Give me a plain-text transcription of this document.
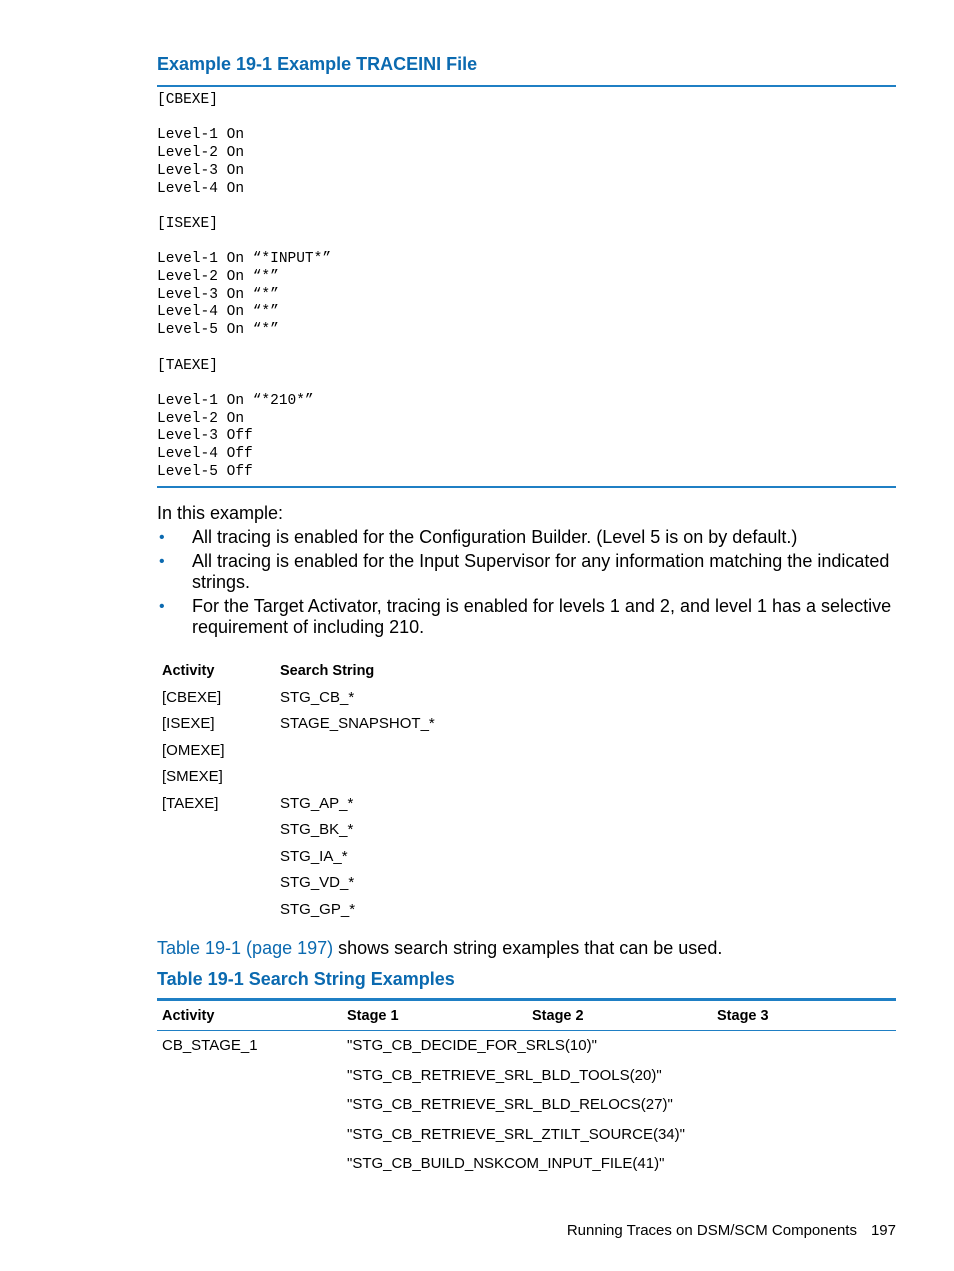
Example 19-1 Example TRACEINI File
[CBEXE]

Level-1 On
Level-2 On
Level-3 On
Level-4 On

[ISEXE]

Level-1 On “*INPUT*”
Level-2 On “*”
Level-3 On “*”
Level-4 On “*”
Level-5 On “*”

[TAEXE]

Level-1 On “*210*”
Level-2 On
Level-3 Off
Level-4 Off
Level-5 Off
In this example:
• All tracing is enabled for the Configuration Builder. (Level 5 is on by default.)
• All tracing is enabled for the Input Supervisor for any information matching the indicated strings.
• For the Target Activator, tracing is enabled for levels 1 and 2, and level 1 has a selective requirement of including 210.
Activity	Search String
[CBEXE]	STG_CB_*
[ISEXE]	STAGE_SNAPSHOT_*
[OMEXE]	
[SMEXE]	
[TAEXE]	STG_AP_*
	STG_BK_*
	STG_IA_*
	STG_VD_*
	STG_GP_*
Table 19-1 (page 197) shows search string examples that can be used.
Table 19-1 Search String Examples
Activity	Stage 1	Stage 2	Stage 3
CB_STAGE_1	"STG_CB_DECIDE_FOR_SRLS(10)"		
	"STG_CB_RETRIEVE_SRL_BLD_TOOLS(20)"		
	"STG_CB_RETRIEVE_SRL_BLD_RELOCS(27)"		
	"STG_CB_RETRIEVE_SRL_ZTILT_SOURCE(34)"		
	"STG_CB_BUILD_NSKCOM_INPUT_FILE(41)"		
Running Traces on DSM/SCM Components 197
